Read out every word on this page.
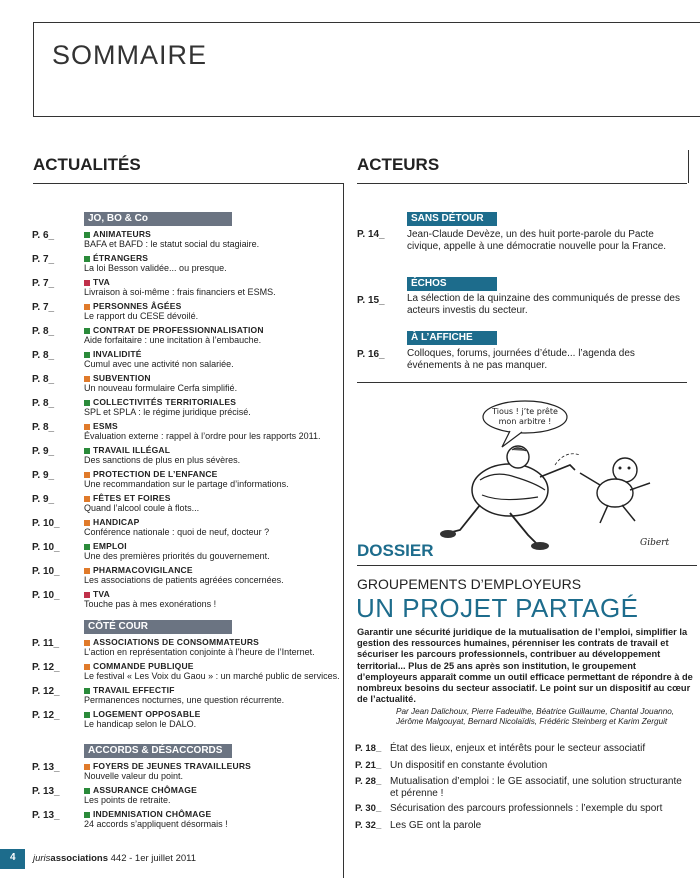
SOMMAIRE
ACTUALITÉS
JO, BO & Co
P. 6_	ANIMATEURS
BAFA et BAFD : le statut social du stagiaire.
P. 7_	ÉTRANGERS
La loi Besson validée... ou presque.
P. 7_	TVA
Livraison à soi-même : frais financiers et ESMS.
P. 7_	PERSONNES ÂGÉES
Le rapport du CESE dévoilé.
P. 8_	CONTRAT DE PROFESSIONNALISATION
Aide forfaitaire : une incitation à l’embauche.
P. 8_	INVALIDITÉ
Cumul avec une activité non salariée.
P. 8_	SUBVENTION
Un nouveau formulaire Cerfa simplifié.
P. 8_	COLLECTIVITÉS TERRITORIALES
SPL et SPLA : le régime juridique précisé.
P. 8_	ESMS
Évaluation externe : rappel à l’ordre pour les rapports 2011.
P. 9_	TRAVAIL ILLÉGAL
Des sanctions de plus en plus sévères.
P. 9_	PROTECTION DE L’ENFANCE
Une recommandation sur le partage d’informations.
P. 9_	FÊTES ET FOIRES
Quand l’alcool coule à flots...
P. 10_	HANDICAP
Conférence nationale : quoi de neuf, docteur ?
P. 10_	EMPLOI
Une des premières priorités du gouvernement.
P. 10_	PHARMACOVIGILANCE
Les associations de patients agréées concernées.
P. 10_	TVA
Touche pas à mes exonérations !
CÔTÉ COUR
P. 11_	ASSOCIATIONS DE CONSOMMATEURS
L’action en représentation conjointe à l’heure de l’Internet.
P. 12_	COMMANDE PUBLIQUE
Le festival « Les Voix du Gaou » : un marché public de services.
P. 12_	TRAVAIL EFFECTIF
Permanences nocturnes, une question récurrente.
P. 12_	LOGEMENT OPPOSABLE
Le handicap selon le DALO.
ACCORDS & DÉSACCORDS
P. 13_	FOYERS DE JEUNES TRAVAILLEURS
Nouvelle valeur du point.
P. 13_	ASSURANCE CHÔMAGE
Les points de retraite.
P. 13_	INDEMNISATION CHÔMAGE
24 accords s’appliquent désormais !
ACTEURS
SANS DÉTOUR
P. 14_ Jean-Claude Devèze, un des huit porte-parole du Pacte civique, appelle à une démocratie nouvelle pour la France.
ÉCHOS
P. 15_ La sélection de la quinzaine des communiqués de presse des acteurs investis du secteur.
À L’AFFICHE
P. 16_ Colloques, forums, journées d’étude... l’agenda des événements à ne pas manquer.
Tious ! j’te prête
mon arbitre !
Gibert
DOSSIER
GROUPEMENTS D’EMPLOYEURS
UN PROJET PARTAGÉ
Garantir une sécurité juridique de la mutualisation de l’emploi, simplifier la gestion des ressources humaines, pérenniser les contrats de travail et sécuriser les parcours professionnels, contribuer au développement territorial... Plus de 25 ans après son institution, le groupement d’employeurs apparaît comme un outil efficace permettant de répondre à de nombreux besoins du secteur associatif. Le point sur un dispositif au cœur de l’actualité.
Par Jean Dalichoux, Pierre Fadeuilhe, Béatrice Guillaume, Chantal Jouanno,
Jérôme Malgouyat, Bernard Nicolaïdis, Frédéric Steinberg et Karim Zerguit
P. 18_ État des lieux, enjeux et intérêts pour le secteur associatif
P. 21_ Un dispositif en constante évolution
P. 28_ Mutualisation d’emploi : le GE associatif, une solution structurante et pérenne !
P. 30_ Sécurisation des parcours professionnels : l’exemple du sport
P. 32_ Les GE ont la parole
4 jurisassociations 442 - 1er juillet 2011
